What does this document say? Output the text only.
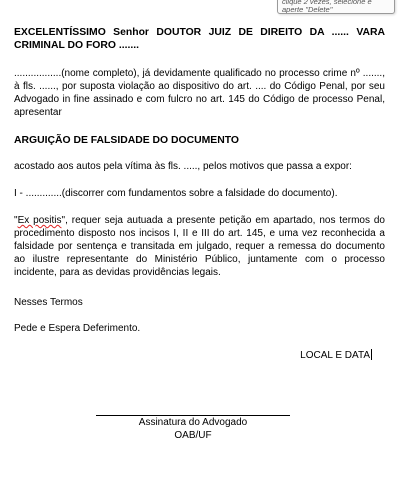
clique 2 vezes, selecione e
aperte "Delete"
EXCELENTÍSSIMO Senhor DOUTOR JUIZ DE DIREITO DA ...... VARA CRIMINAL DO FORO .......
.................(nome completo), já devidamente qualificado no processo crime nº ......., à fls. ......, por suposta violação ao dispositivo do art. .... do Código Penal, por seu Advogado in fine assinado e com fulcro no art. 145 do Código de processo Penal, apresentar
ARGUIÇÃO DE FALSIDADE DO DOCUMENTO
acostado aos autos pela vítima às fls. ....., pelos motivos que passa a expor:
I - .............(discorrer com fundamentos sobre a falsidade do documento).
"Ex positis", requer seja autuada a presente petição em apartado, nos termos do procedimento disposto nos incisos I, II e III do art. 145, e uma vez reconhecida a falsidade por sentença e transitada em julgado, requer a remessa do documento ao ilustre representante do Ministério Público, juntamente com o processo incidente, para as devidas providências legais.
Nesses Termos
Pede e Espera Deferimento.
LOCAL E DATA
Assinatura do Advogado
OAB/UF
